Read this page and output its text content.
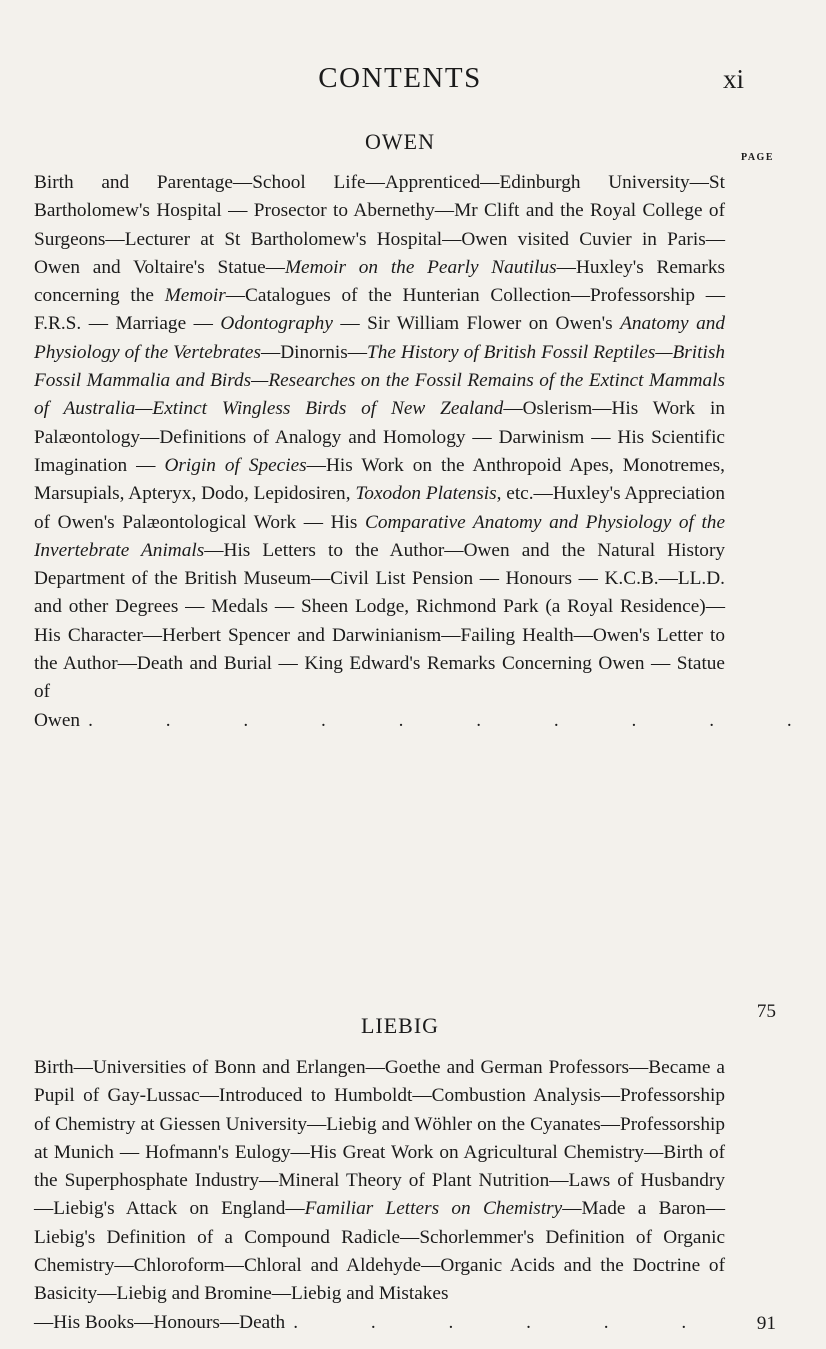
CONTENTS	xi
OWEN
PAGE
Birth and Parentage—School Life—Apprenticed—Edinburgh University—St Bartholomew's Hospital — Prosector to Abernethy—Mr Clift and the Royal College of Surgeons—Lecturer at St Bartholomew's Hospital—Owen visited Cuvier in Paris—Owen and Voltaire's Statue—Memoir on the Pearly Nautilus—Huxley's Remarks concerning the Memoir—Catalogues of the Hunterian Collection—Professorship — F.R.S. — Marriage — Odontography — Sir William Flower on Owen's Anatomy and Physiology of the Vertebrates—Dinornis—The History of British Fossil Reptiles—British Fossil Mammalia and Birds—Researches on the Fossil Remains of the Extinct Mammals of Australia—Extinct Wingless Birds of New Zealand—Oslerism—His Work in Palæontology—Definitions of Analogy and Homology — Darwinism — His Scientific Imagination — Origin of Species—His Work on the Anthropoid Apes, Monotremes, Marsupials, Apteryx, Dodo, Lepidosiren, Toxodon Platensis, etc.—Huxley's Appreciation of Owen's Palæontological Work — His Comparative Anatomy and Physiology of the Invertebrate Animals—His Letters to the Author—Owen and the Natural History Department of the British Museum—Civil List Pension — Honours — K.C.B.—LL.D. and other Degrees — Medals — Sheen Lodge, Richmond Park (a Royal Residence)—His Character—Herbert Spencer and Darwinianism—Failing Health—Owen's Letter to the Author—Death and Burial — King Edward's Remarks Concerning Owen — Statue of
Owen . . . . . . . . . .
75
LIEBIG
Birth—Universities of Bonn and Erlangen—Goethe and German Professors—Became a Pupil of Gay-Lussac—Introduced to Humboldt—Combustion Analysis—Professorship of Chemistry at Giessen University—Liebig and Wöhler on the Cyanates—Professorship at Munich — Hofmann's Eulogy—His Great Work on Agricultural Chemistry—Birth of the Superphosphate Industry—Mineral Theory of Plant Nutrition—Laws of Husbandry—Liebig's Attack on England—Familiar Letters on Chemistry—Made a Baron—Liebig's Definition of a Compound Radicle—Schorlemmer's Definition of Organic Chemistry—Chloroform—Chloral and Aldehyde—Organic Acids and the Doctrine of Basicity—Liebig and Bromine—Liebig and Mistakes
—His Books—Honours—Death . . . . . . 91
